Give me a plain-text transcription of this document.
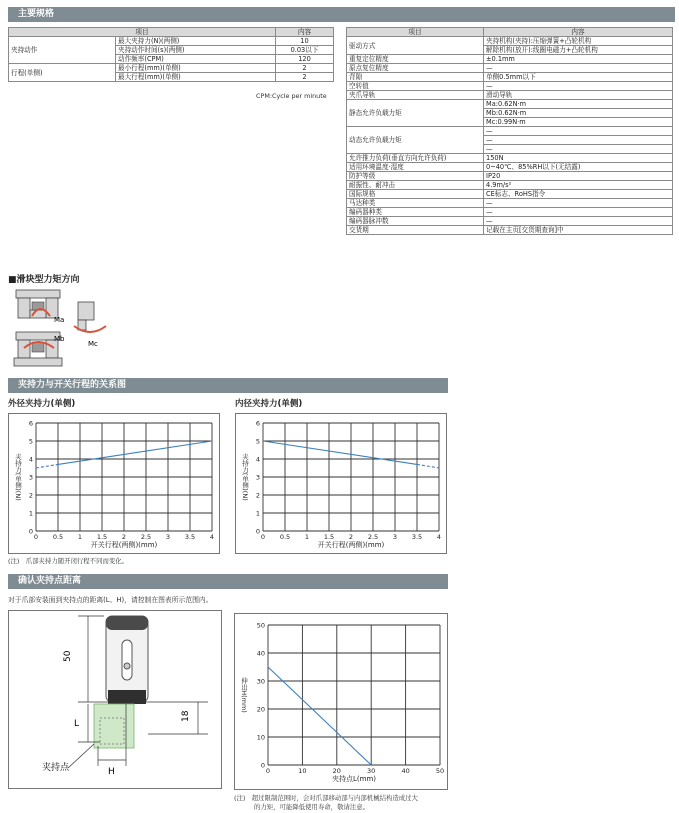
主要规格
项目		内容
夹持动作	最大夹持力(N)(两侧)	10
	夹持动作时间(s)(两侧)	0.03以下
	动作频率(CPM)	120
行程(单侧)	最小行程(mm)(单侧)	2
	最大行程(mm)(单侧)	2
CPM:Cycle per minute
项目	内容
驱动方式	夹持机构(夹持):压缩弹簧+凸轮机构
	解除机构(放开):线圈电磁力+凸轮机构
重复定位精度	±0.1mm
原点复位精度	—
背隙	单侧0.5mm以下
空转值	—
夹爪导轨	滑动导轨
静态允许负载力矩	Ma:0.62N·m
	Mb:0.62N·m
	Mc:0.99N·m
动态允许负载力矩	—
	—
	—
允许推力负荷(垂直方向允许负荷)	150N
适用环境温度·湿度	0~40℃、85%RH以下(无结露)
防护等级	IP20
耐振性、耐冲击	4.9m/s²
国际规格	CE标志、RoHS指令
马达种类	—
编码器种类	—
编码器脉冲数	—
交货期	记载在主页[交货期查询]中
■滑块型力矩方向
Ma
Mc
Mb
夹持力与开关行程的关系图
外径夹持力(单侧)	内径夹持力(单侧)
0 0.5 1 1.5 2 2.5 3 3.5 4
0
1
2
3
4
5
6
开关行程(两侧)(mm)
夹持力(单侧)(N)
0 0.5 1 1.5 2 2.5 3 3.5 4
0
1
2
3
4
5
6
开关行程(两侧)(mm)
夹持力(单侧)(N)
(注)　爪部夹持力随开闭行程不同而变化。
确认夹持点距离
对于爪部安装面到夹持点的距离(L、H)，请控制在图表所示范围内。
50
L
18
H
夹持点	0	10	20	30	40	50
0
10
20
30
40
50
夹持点L(mm)
伸出H(mm)
(注)　超过限制范围时，会对爪部移动部与内部机械结构造成过大
的力矩，可能降低使用寿命，敬请注意。
